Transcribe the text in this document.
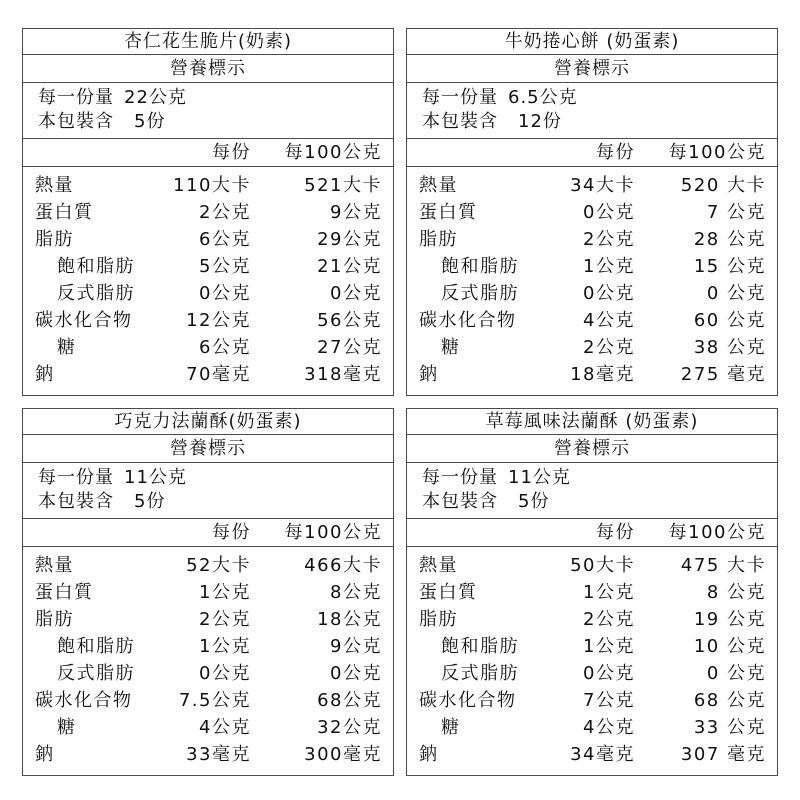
杏仁花生脆片(奶素)
營養標示
每一份量 22公克
本包裝含 5份
每份 每100公克
熱量	110大卡	521大卡
蛋白質	2公克	9公克
脂肪	6公克	29公克
飽和脂肪	5公克	21公克
反式脂肪	0公克	0公克
碳水化合物	12公克	56公克
糖	6公克	27公克
鈉	70毫克	318毫克
牛奶捲心餅 (奶蛋素)
營養標示
每一份量 6.5公克
本包裝含 12份
每份 每100公克
熱量	34大卡	520 大卡
蛋白質	0公克	7 公克
脂肪	2公克	28 公克
飽和脂肪	1公克	15 公克
反式脂肪	0公克	0 公克
碳水化合物	4公克	60 公克
糖	2公克	38 公克
鈉	18毫克	275 毫克
巧克力法蘭酥(奶蛋素)
營養標示
每一份量 11公克
本包裝含 5份
每份 每100公克
熱量	52大卡	466大卡
蛋白質	1公克	8公克
脂肪	2公克	18公克
飽和脂肪	1公克	9公克
反式脂肪	0公克	0公克
碳水化合物	7.5公克	68公克
糖	4公克	32公克
鈉	33毫克	300毫克
草莓風味法蘭酥 (奶蛋素)
營養標示
每一份量 11公克
本包裝含 5份
每份 每100公克
熱量	50大卡	475 大卡
蛋白質	1公克	8 公克
脂肪	2公克	19 公克
飽和脂肪	1公克	10 公克
反式脂肪	0公克	0 公克
碳水化合物	7公克	68 公克
糖	4公克	33 公克
鈉	34毫克	307 毫克
